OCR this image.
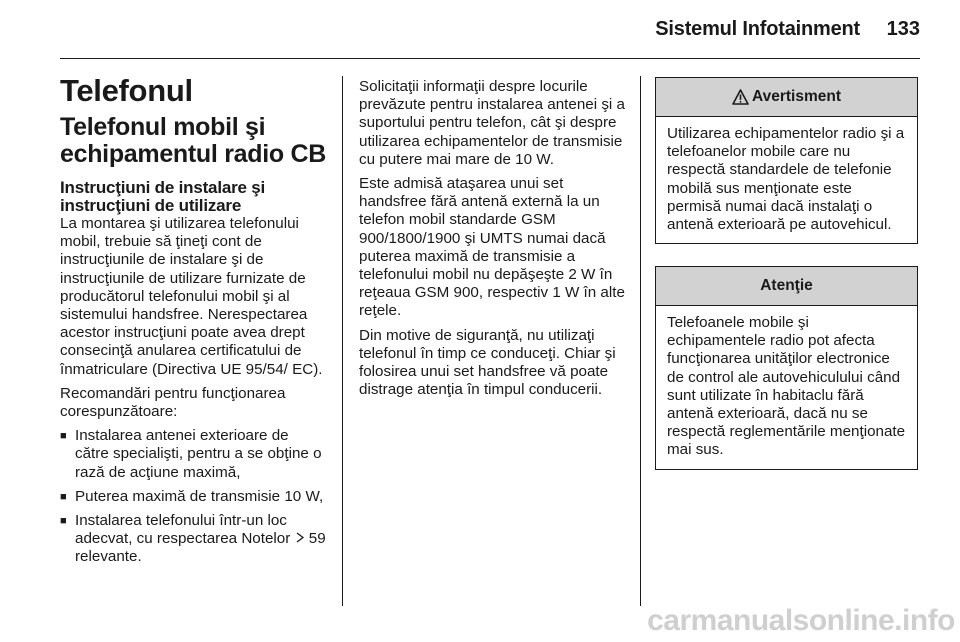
Sistemul Infotainment	133
Telefonul
Telefonul mobil şi echipamentul radio CB
Instrucţiuni de instalare şi instrucţiuni de utilizare

La montarea şi utilizarea telefonului mobil, trebuie să ţineţi cont de instrucţiunile de instalare şi de instrucţiunile de utilizare furnizate de producătorul telefonului mobil şi al sistemului handsfree. Nerespectarea acestor instrucţiuni poate avea drept consecinţă anularea certificatului de înmatriculare (Directiva UE 95/54/ EC).

Recomandări pentru funcţionarea corespunzătoare:

■ Instalarea antenei exterioare de către specialişti, pentru a se obţine o rază de acţiune maximă,
■ Puterea maximă de transmisie 10 W,
■ Instalarea telefonului într-un loc adecvat, cu respectarea Notelor 59 relevante.

Solicitaţii informaţii despre locurile prevăzute pentru instalarea antenei şi a suportului pentru telefon, cât şi despre utilizarea echipamentelor de transmisie cu putere mai mare de 10 W.

Este admisă ataşarea unui set handsfree fără antenă externă la un telefon mobil standarde GSM 900/1800/1900 şi UMTS numai dacă puterea maximă de transmisie a telefonului mobil nu depăşeşte 2 W în reţeaua GSM 900, respectiv 1 W în alte reţele.

Din motive de siguranţă, nu utilizaţi telefonul în timp ce conduceţi. Chiar şi folosirea unui set handsfree vă poate distrage atenţia în timpul conducerii.

Avertisment
Utilizarea echipamentelor radio şi a telefoanelor mobile care nu respectă standardele de telefonie mobilă sus menţionate este permisă numai dacă instalaţi o antenă exterioară pe autovehicul.
Atenţie
Telefoanele mobile şi echipamentele radio pot afecta funcţionarea unităţilor electronice de control ale autovehiculului când sunt utilizate în habitaclu fără antenă exterioară, dacă nu se respectă reglementările menţionate mai sus.
carmanualsonline.info
